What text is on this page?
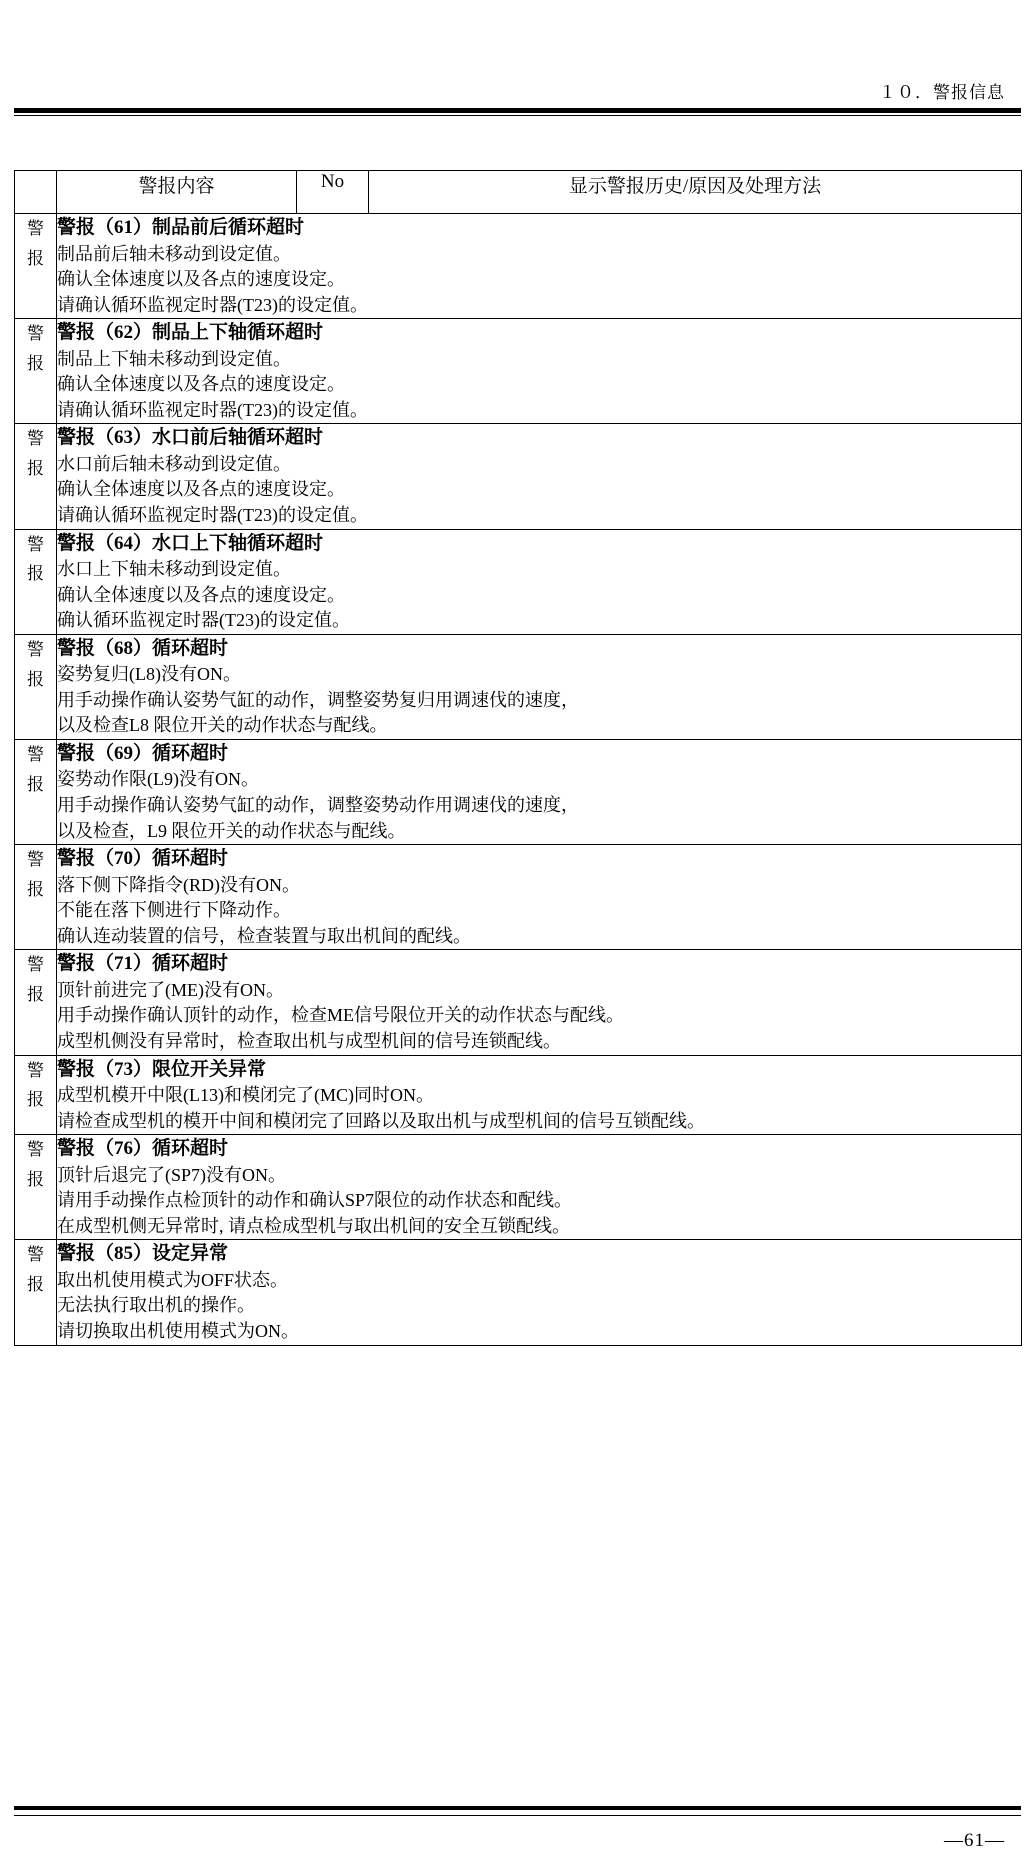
１０．警报信息
	警报内容	No	显示警报历史/原因及处理方法

警
报

警报（61）制品前后循环超时
制品前后轴未移动到设定值。
确认全体速度以及各点的速度设定。
请确认循环监视定时器(T23)的设定值。

警
报

警报（62）制品上下轴循环超时
制品上下轴未移动到设定值。
确认全体速度以及各点的速度设定。
请确认循环监视定时器(T23)的设定值。

警
报

警报（63）水口前后轴循环超时
水口前后轴未移动到设定值。
确认全体速度以及各点的速度设定。
请确认循环监视定时器(T23)的设定值。

警
报

警报（64）水口上下轴循环超时
水口上下轴未移动到设定值。
确认全体速度以及各点的速度设定。
确认循环监视定时器(T23)的设定值。

警
报

警报（68）循环超时
姿势复归(L8)没有ON。
用手动操作确认姿势气缸的动作，调整姿势复归用调速伐的速度，
以及检查L8 限位开关的动作状态与配线。

警
报

警报（69）循环超时
姿势动作限(L9)没有ON。
用手动操作确认姿势气缸的动作，调整姿势动作用调速伐的速度，
以及检查，L9 限位开关的动作状态与配线。

警
报

警报（70）循环超时
落下侧下降指令(RD)没有ON。
不能在落下侧进行下降动作。
确认连动装置的信号，检查装置与取出机间的配线。

警
报

警报（71）循环超时
顶针前进完了(ME)没有ON。
用手动操作确认顶针的动作，检查ME信号限位开关的动作状态与配线。
成型机侧没有异常时，检查取出机与成型机间的信号连锁配线。

警
报

警报（73）限位开关异常
成型机模开中限(L13)和模闭完了(MC)同时ON。
请检查成型机的模开中间和模闭完了回路以及取出机与成型机间的信号互锁配线。

警
报

警报（76）循环超时
顶针后退完了(SP7)没有ON。
请用手动操作点检顶针的动作和确认SP7限位的动作状态和配线。
在成型机侧无异常时, 请点检成型机与取出机间的安全互锁配线。

警
报

警报（85）设定异常
取出机使用模式为OFF状态。
无法执行取出机的操作。
请切换取出机使用模式为ON。
—61—
